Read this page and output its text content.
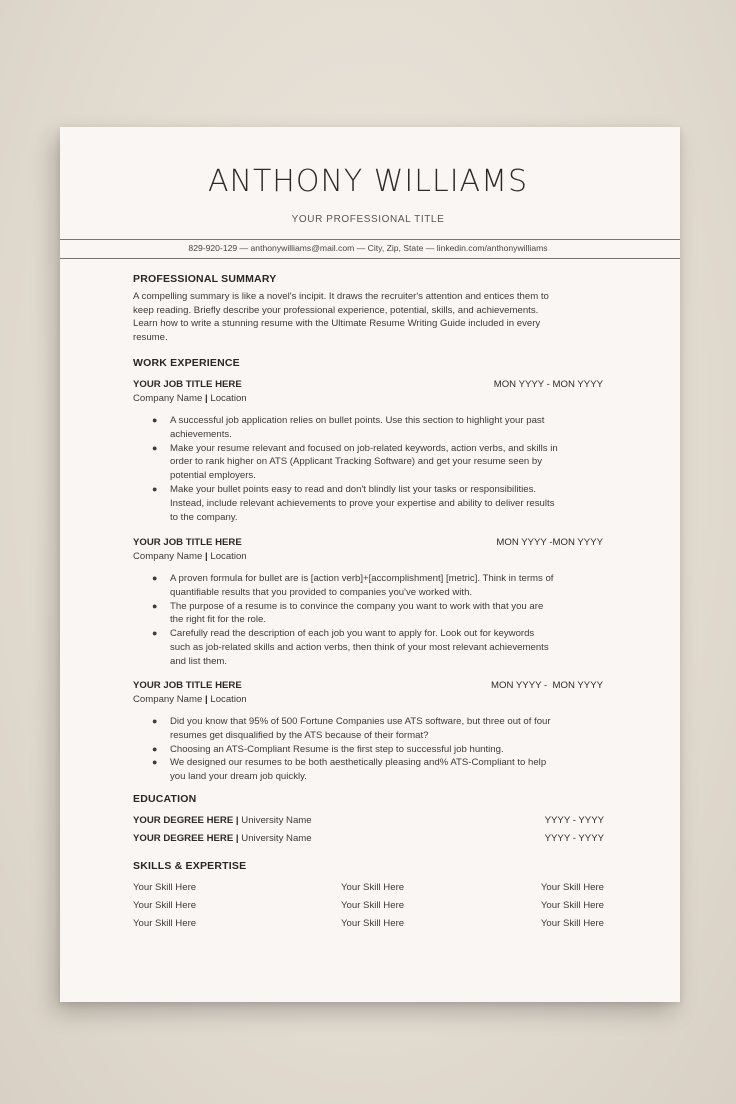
ANTHONY WILLIAMS
YOUR PROFESSIONAL TITLE
829-920-129 — anthonywilliams@mail.com — City, Zip, State — linkedin.com/anthonywilliams
PROFESSIONAL SUMMARY
A compelling summary is like a novel's incipit. It draws the recruiter's attention and entices them to
keep reading. Briefly describe your professional experience, potential, skills, and achievements.
Learn how to write a stunning resume with the Ultimate Resume Writing Guide included in every
resume.
WORK EXPERIENCE
YOUR JOB TITLE HERE	MON YYYY - MON YYYY
Company Name | Location
● A successful job application relies on bullet points. Use this section to highlight your past
achievements.
● Make your resume relevant and focused on job-related keywords, action verbs, and skills in
order to rank higher on ATS (Applicant Tracking Software) and get your resume seen by
potential employers.
● Make your bullet points easy to read and don't blindly list your tasks or responsibilities.
Instead, include relevant achievements to prove your expertise and ability to deliver results
to the company.
YOUR JOB TITLE HERE	MON YYYY -MON YYYY
Company Name | Location
● A proven formula for bullet are is [action verb]+[accomplishment] [metric]. Think in terms of
quantifiable results that you provided to companies you've worked with.
● The purpose of a resume is to convince the company you want to work with that you are
the right fit for the role.
● Carefully read the description of each job you want to apply for. Look out for keywords
such as job-related skills and action verbs, then think of your most relevant achievements
and list them.
YOUR JOB TITLE HERE	MON YYYY -  MON YYYY
Company Name | Location
● Did you know that 95% of 500 Fortune Companies use ATS software, but three out of four
resumes get disqualified by the ATS because of their format?
● Choosing an ATS-Compliant Resume is the first step to successful job hunting.
● We designed our resumes to be both aesthetically pleasing and% ATS-Compliant to help
you land your dream job quickly.
EDUCATION
YOUR DEGREE HERE | University Name	YYYY - YYYY
YOUR DEGREE HERE | University Name	YYYY - YYYY
SKILLS & EXPERTISE
Your Skill Here	Your Skill Here	Your Skill Here
Your Skill Here	Your Skill Here	Your Skill Here
Your Skill Here	Your Skill Here	Your Skill Here
